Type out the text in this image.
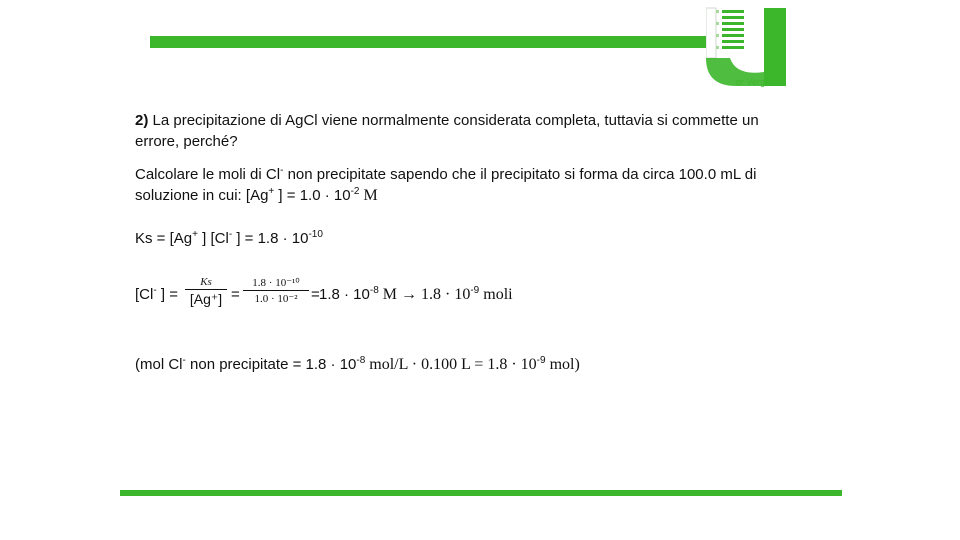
or Vergata
2) La precipitazione di AgCl viene normalmente considerata completa, tuttavia si commette un
errore, perché?
Calcolare le moli di Cl- non precipitate sapendo che il precipitato si forma da circa 100.0 mL di
soluzione in cui: [Ag+ ] = $1.0 \cdot 10^{-2}$ M
Ks = [Ag+ ] [Cl- ] = $1.8 \cdot 10^{-10}$
[Cl- ] =
Ks
[Ag⁺] =
1.8 · 10⁻¹⁰
$1.0 \cdot 10^{-2} = 1.8 \cdot 10^{-8}$ $M \to 1.8 \cdot 10^{-9}$ moli
(mol Cl- non precipitate = $1.8 \cdot 10^{-8}$ mol/L · 0.100 $L = 1.8 \cdot 10^{-9}$ mol)
